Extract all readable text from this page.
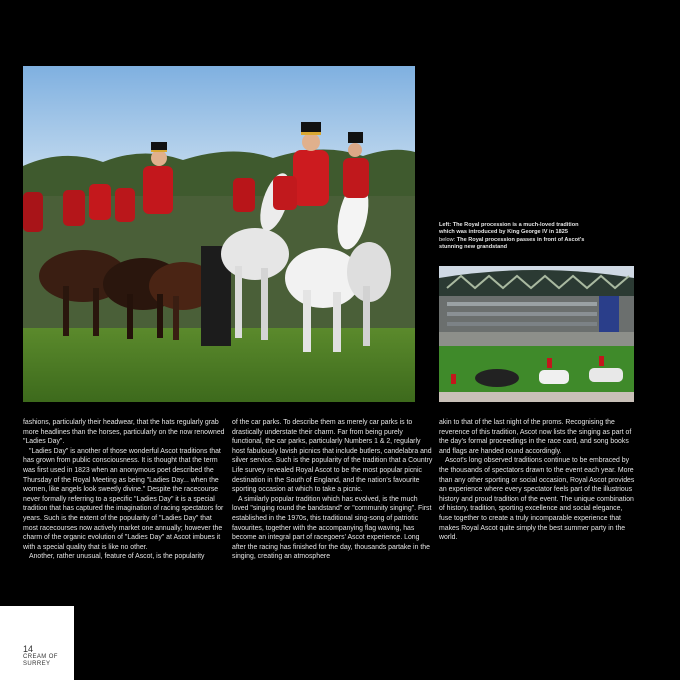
Left: The Royal procession is a much-loved tradition which was introduced by King George IV in 1825
below: The Royal procession passes in front of Ascot's stunning new grandstand

fashions, particularly their headwear, that the hats regularly grab more headlines than the horses, particularly on the now renowned "Ladies Day".

"Ladies Day" is another of those wonderful Ascot traditions that has grown from public consciousness. It is thought that the term was first used in 1823 when an anonymous poet described the Thursday of the Royal Meeting as being "Ladies Day... when the women, like angels look sweetly divine." Despite the racecourse never formally referring to a specific "Ladies Day" it is a special tradition that has captured the imagination of racing spectators for years. Such is the extent of the popularity of "Ladies Day" that most racecourses now actively market one annually; however the charm of the organic evolution of "Ladies Day" at Ascot imbues it with a special quality that is like no other.

Another, rather unusual, feature of Ascot, is the popularity

of the car parks. To describe them as merely car parks is to drastically understate their charm. Far from being purely functional, the car parks, particularly Numbers 1 & 2, regularly host fabulously lavish picnics that include butlers, candelabra and silver service. Such is the popularity of the tradition that a Country Life survey revealed Royal Ascot to be the most popular picnic destination in the South of England, and the nation's favourite sporting occasion at which to take a picnic.

A similarly popular tradition which has evolved, is the much loved "singing round the bandstand" or "community singing". First established in the 1970s, this traditional sing-song of patriotic favourites, together with the accompanying flag waving, has become an integral part of racegoers' Ascot experience. Long after the racing has finished for the day, thousands partake in the singing, creating an atmosphere

akin to that of the last night of the proms. Recognising the reverence of this tradition, Ascot now lists the singing as part of the day's formal proceedings in the race card, and song books and flags are handed round accordingly.

Ascot's long observed traditions continue to be embraced by the thousands of spectators drawn to the event each year. More than any other sporting or social occasion, Royal Ascot provides an experience where every spectator feels part of the illustrious history and proud tradition of the event. The unique combination of history, tradition, sporting excellence and social elegance, fuse together to create a truly incomparable experience that makes Royal Ascot quite simply the best summer party in the world.

14
CREAM OF
SURREY
